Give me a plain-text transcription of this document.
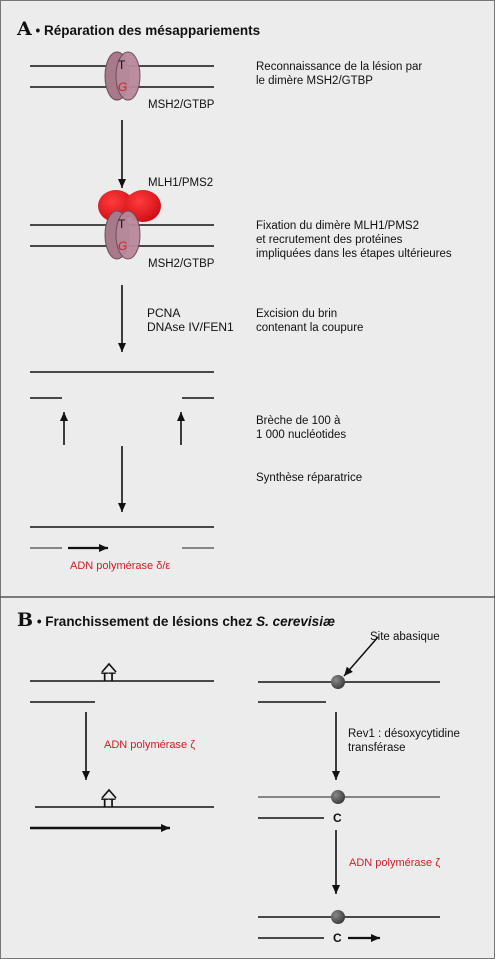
A • Réparation des mésappariements
T
G
MSH2/GTBP
Reconnaissance de la lésion par
le dimère MSH2/GTBP
MLH1/PMS2
T
G
MSH2/GTBP
Fixation du dimère MLH1/PMS2
et recrutement des protéines
impliquées dans les étapes ultérieures
PCNA
DNAse IV/FEN1
Excision du brin
contenant la coupure
Brèche de 100 à
1 000 nucléotides
Synthèse réparatrice
ADN polymérase δ/ε
B • Franchissement de lésions chez S. cerevisiæ
TT
TT
ADN polymérase ζ
Site abasique
Rev1 : désoxycytidine
transférase
C
ADN polymérase ζ
C
